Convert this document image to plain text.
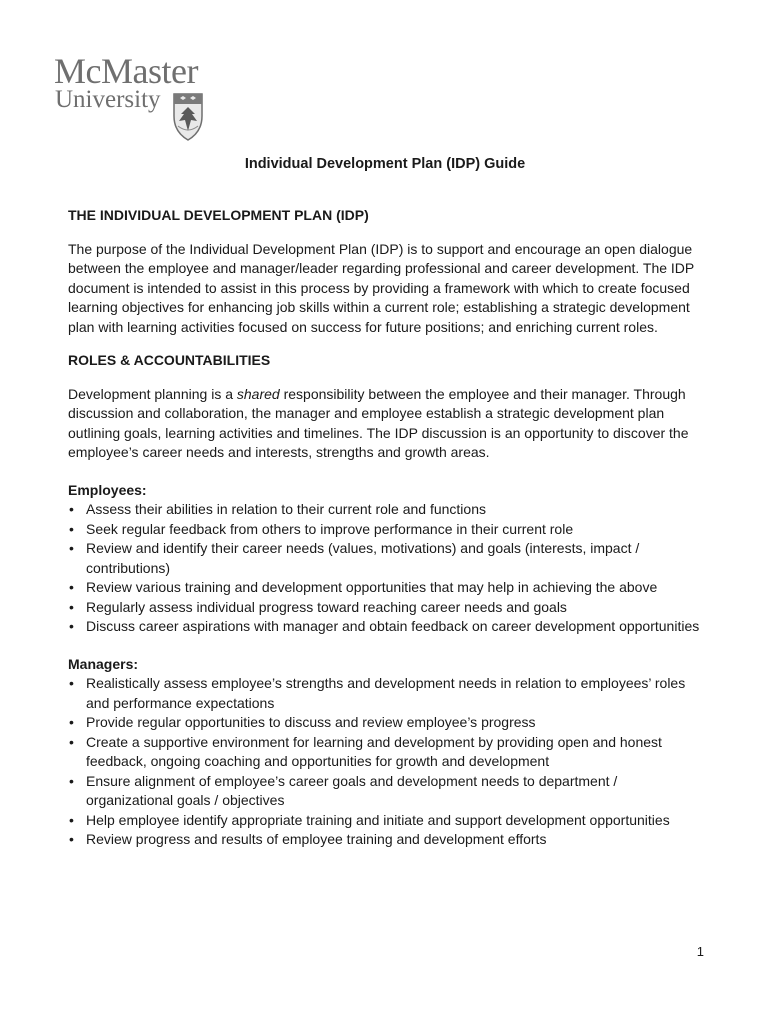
McMaster
University
Individual Development Plan (IDP) Guide

THE INDIVIDUAL DEVELOPMENT PLAN (IDP)

The purpose of the Individual Development Plan (IDP) is to support and encourage an open dialogue between the employee and manager/leader regarding professional and career development. The IDP document is intended to assist in this process by providing a framework with which to create focused learning objectives for enhancing job skills within a current role; establishing a strategic development plan with learning activities focused on success for future positions; and enriching current roles.

ROLES & ACCOUNTABILITIES

Development planning is a shared responsibility between the employee and their manager. Through discussion and collaboration, the manager and employee establish a strategic development plan outlining goals, learning activities and timelines. The IDP discussion is an opportunity to discover the employee’s career needs and interests, strengths and growth areas.

Employees:

• Assess their abilities in relation to their current role and functions
• Seek regular feedback from others to improve performance in their current role
• Review and identify their career needs (values, motivations) and goals (interests, impact / contributions)
• Review various training and development opportunities that may help in achieving the above
• Regularly assess individual progress toward reaching career needs and goals
• Discuss career aspirations with manager and obtain feedback on career development opportunities

Managers:

• Realistically assess employee’s strengths and development needs in relation to employees’ roles and performance expectations
• Provide regular opportunities to discuss and review employee’s progress
• Create a supportive environment for learning and development by providing open and honest feedback, ongoing coaching and opportunities for growth and development
• Ensure alignment of employee’s career goals and development needs to department / organizational goals / objectives
• Help employee identify appropriate training and initiate and support development opportunities
• Review progress and results of employee training and development efforts
1
